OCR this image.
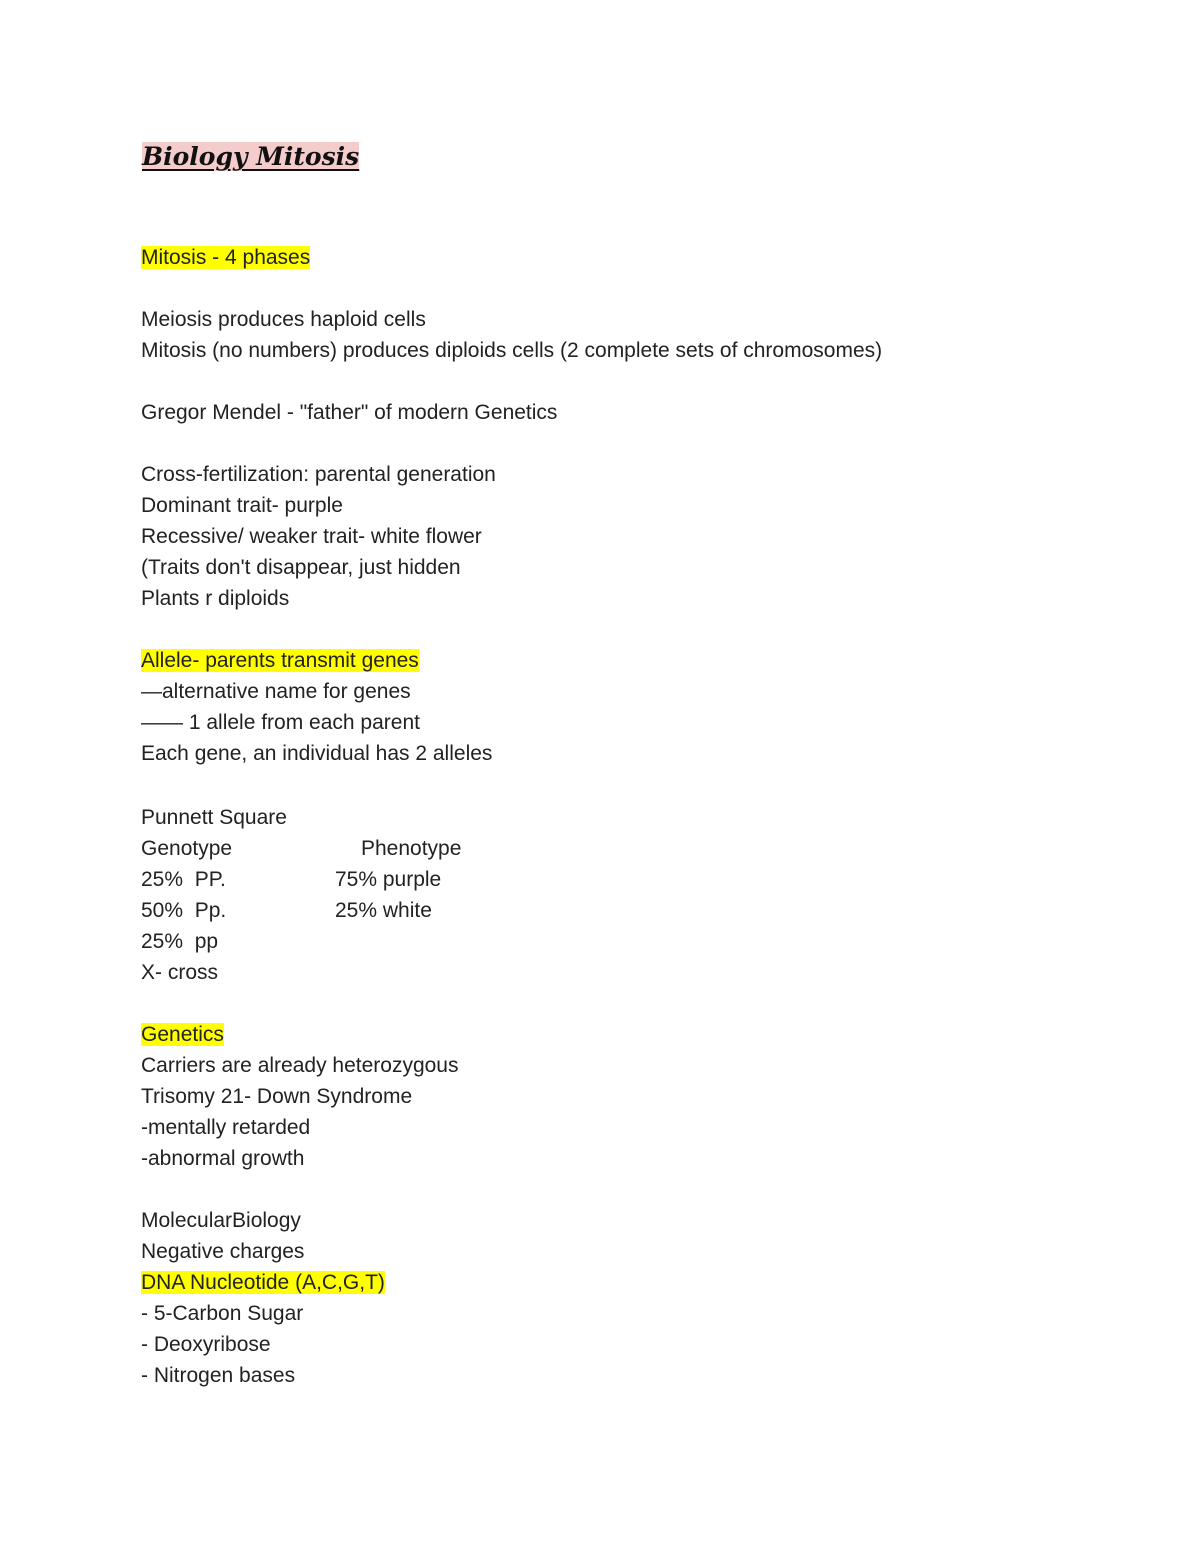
Biology Mitosis

Mitosis - 4 phases

Meiosis produces haploid cells

Mitosis (no numbers) produces diploids cells (2 complete sets of chromosomes)

Gregor Mendel - "father" of modern Genetics

Cross-fertilization: parental generation

Dominant trait- purple

Recessive/ weaker trait- white flower

(Traits don't disappear, just hidden

Plants r diploids

Allele- parents transmit genes

—alternative name for genes

—— 1 allele from each parent

Each gene, an individual has 2 alleles

Punnett Square

Genotype	Phenotype

25%  PP.	75% purple

50%  Pp.	25% white

25%  pp

X- cross

Genetics

Carriers are already heterozygous

Trisomy 21- Down Syndrome

-mentally retarded

-abnormal growth

MolecularBiology

Negative charges

DNA Nucleotide (A,C,G,T)

- 5-Carbon Sugar

- Deoxyribose

- Nitrogen bases
